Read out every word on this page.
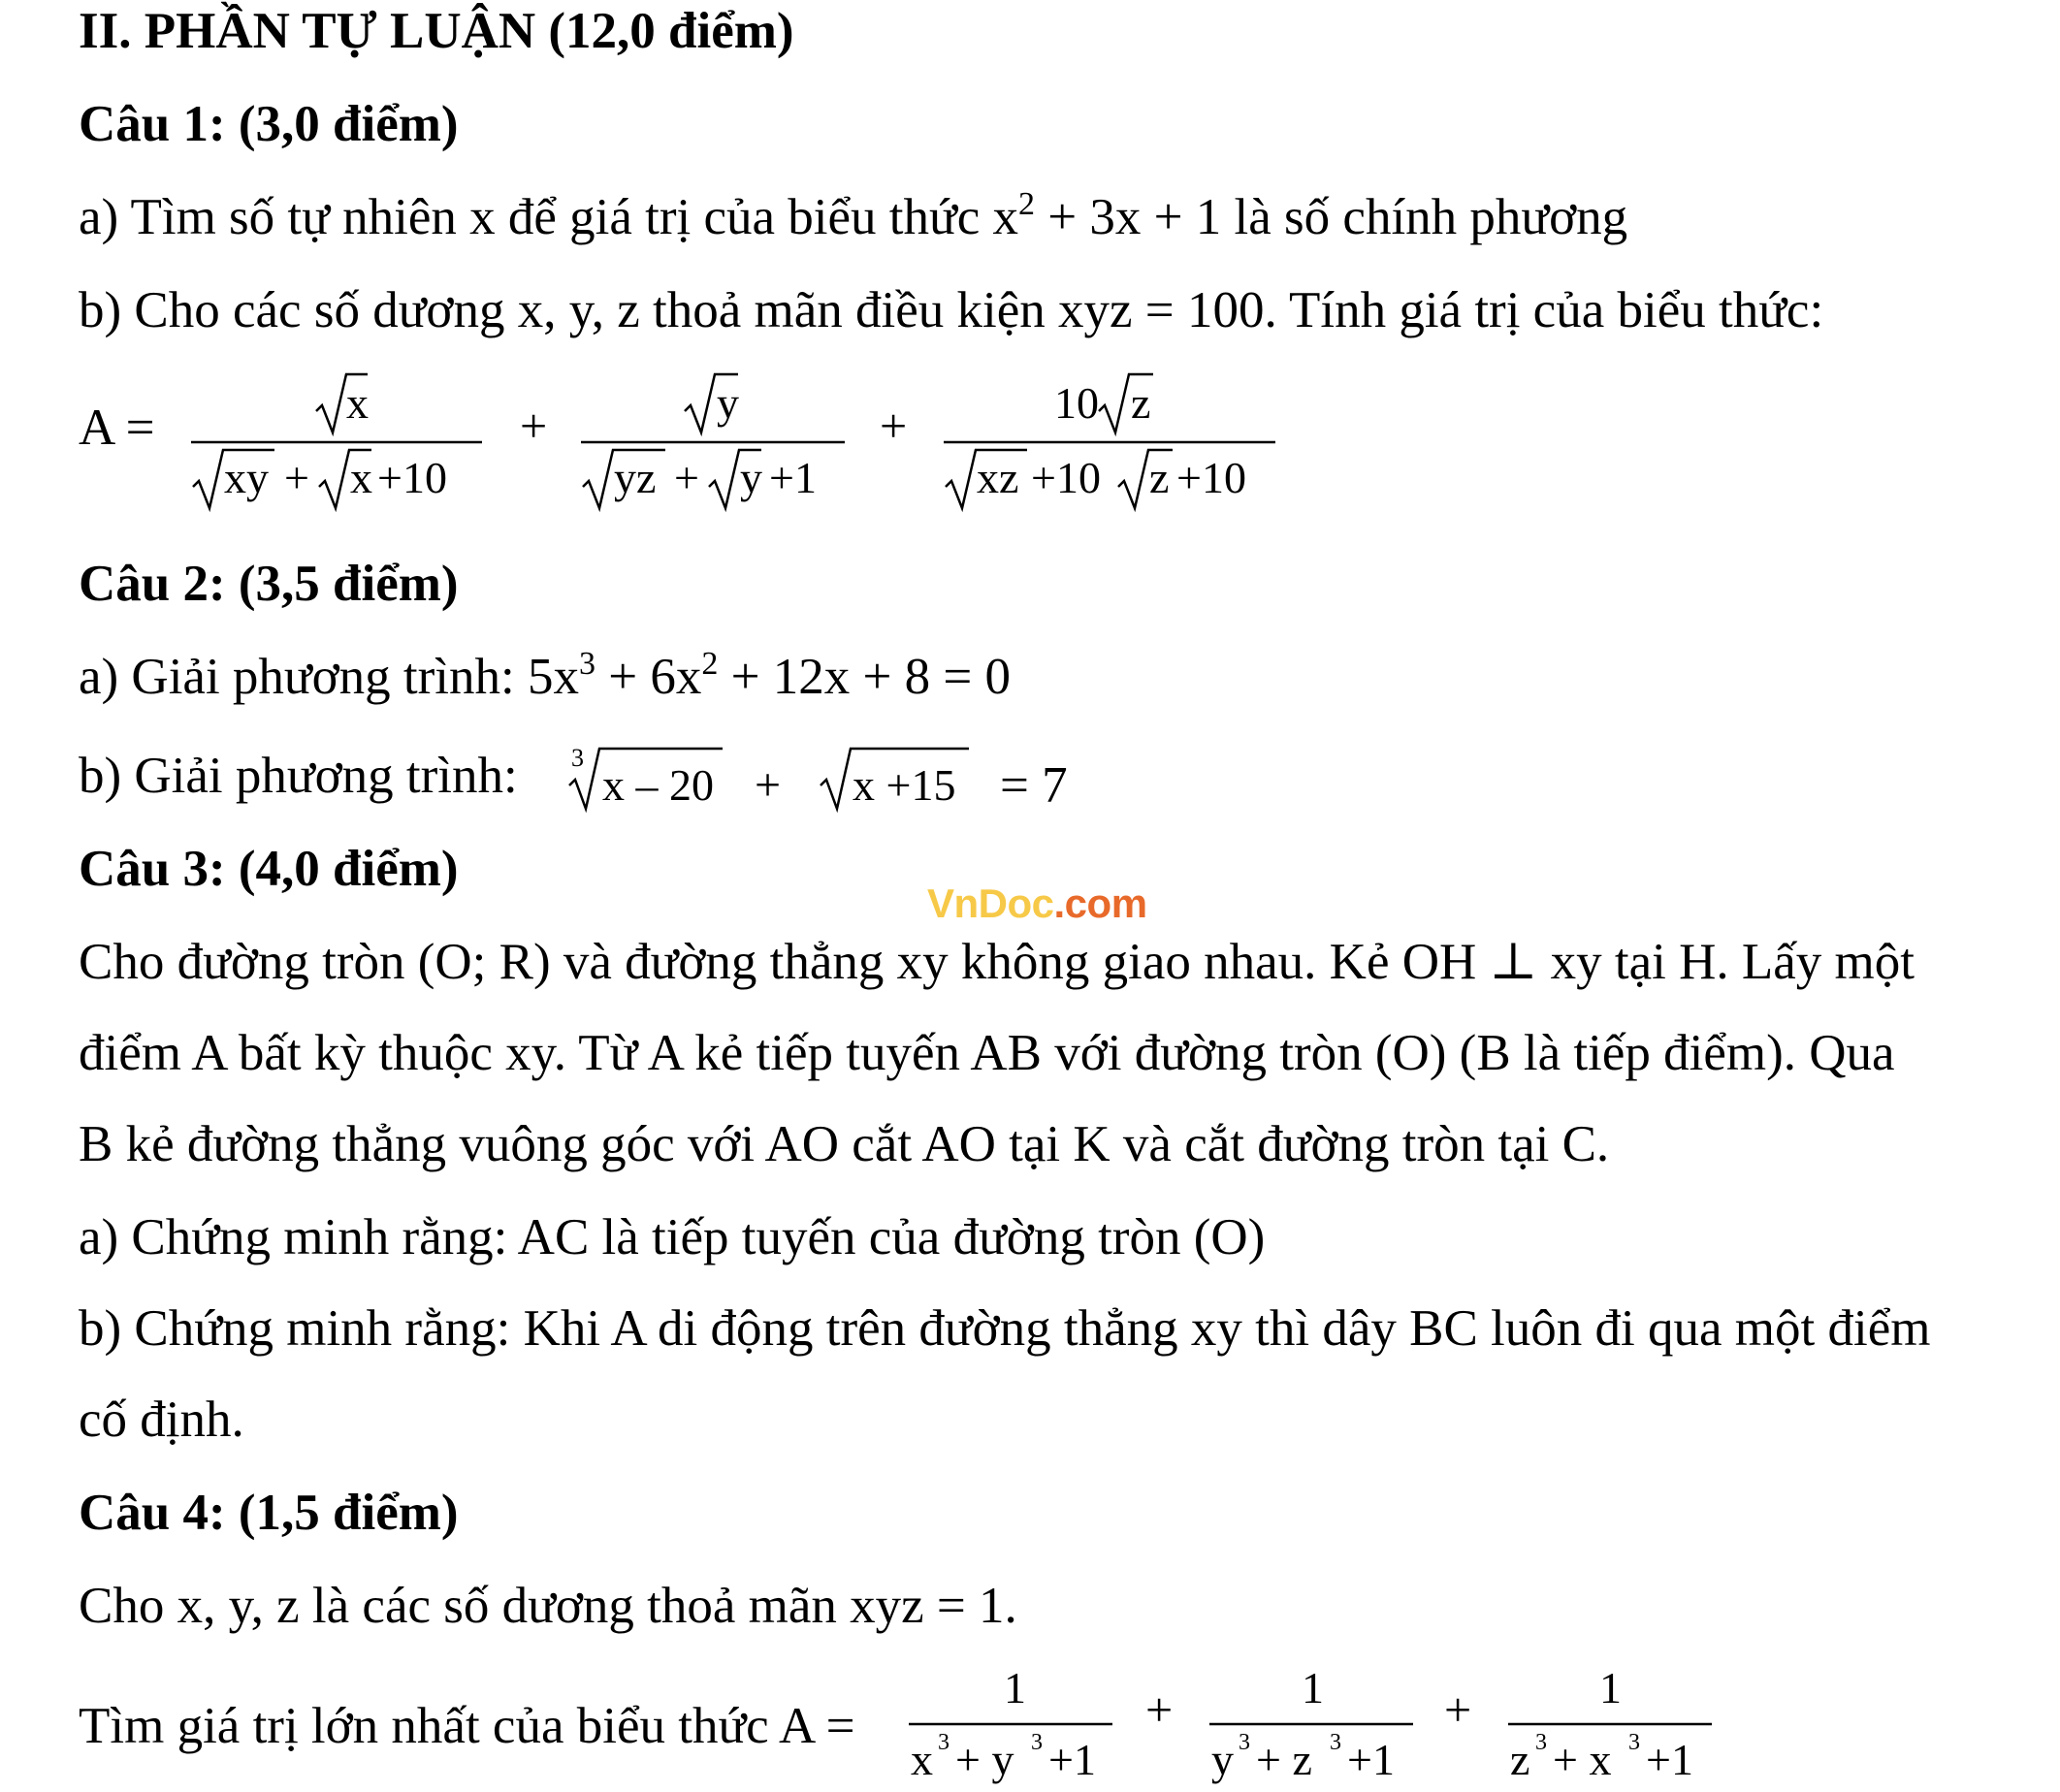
II. PHẦN TỰ LUẬN (12,0 điểm)
Câu 1: (3,0 điểm)
a) Tìm số tự nhiên x để giá trị của biểu thức $x^2 + 3x + 1$ là số chính phương
b) Cho các số dương x, y, z thoả mãn điều kiện xyz = 100. Tính giá trị của biểu thức:
A =	x
xy + x +10
+	y
yz + y +1
+	10 z
xz +10 z +10
Câu 2: (3,5 điểm)
a) Giải phương trình: $5x^3 + 6x^2 + 12x + 8 = 0$
b) Giải phương trình: 3
x – 20 + x +15 = 7
Câu 3: (4,0 điểm)
Cho đường tròn (O; R) và đường thẳng xy không giao nhau. Kẻ OH ⊥ xy tại H. Lấy một
điểm A bất kỳ thuộc xy. Từ A kẻ tiếp tuyến AB với đường tròn (O) (B là tiếp điểm). Qua
B kẻ đường thẳng vuông góc với AO cắt AO tại K và cắt đường tròn tại C.
a) Chứng minh rằng: AC là tiếp tuyến của đường tròn (O)
b) Chứng minh rằng: Khi A di động trên đường thẳng xy thì dây BC luôn đi qua một điểm
cố định.
Câu 4: (1,5 điểm)
Cho x, y, z là các số dương thoả mãn xyz = 1.
Tìm giá trị lớn nhất của biểu thức A =
1
x 3 + y 3 +1
+	1
y 3 + z 3 +1
+	1
z 3 + x 3 +1
VnDoc.com
